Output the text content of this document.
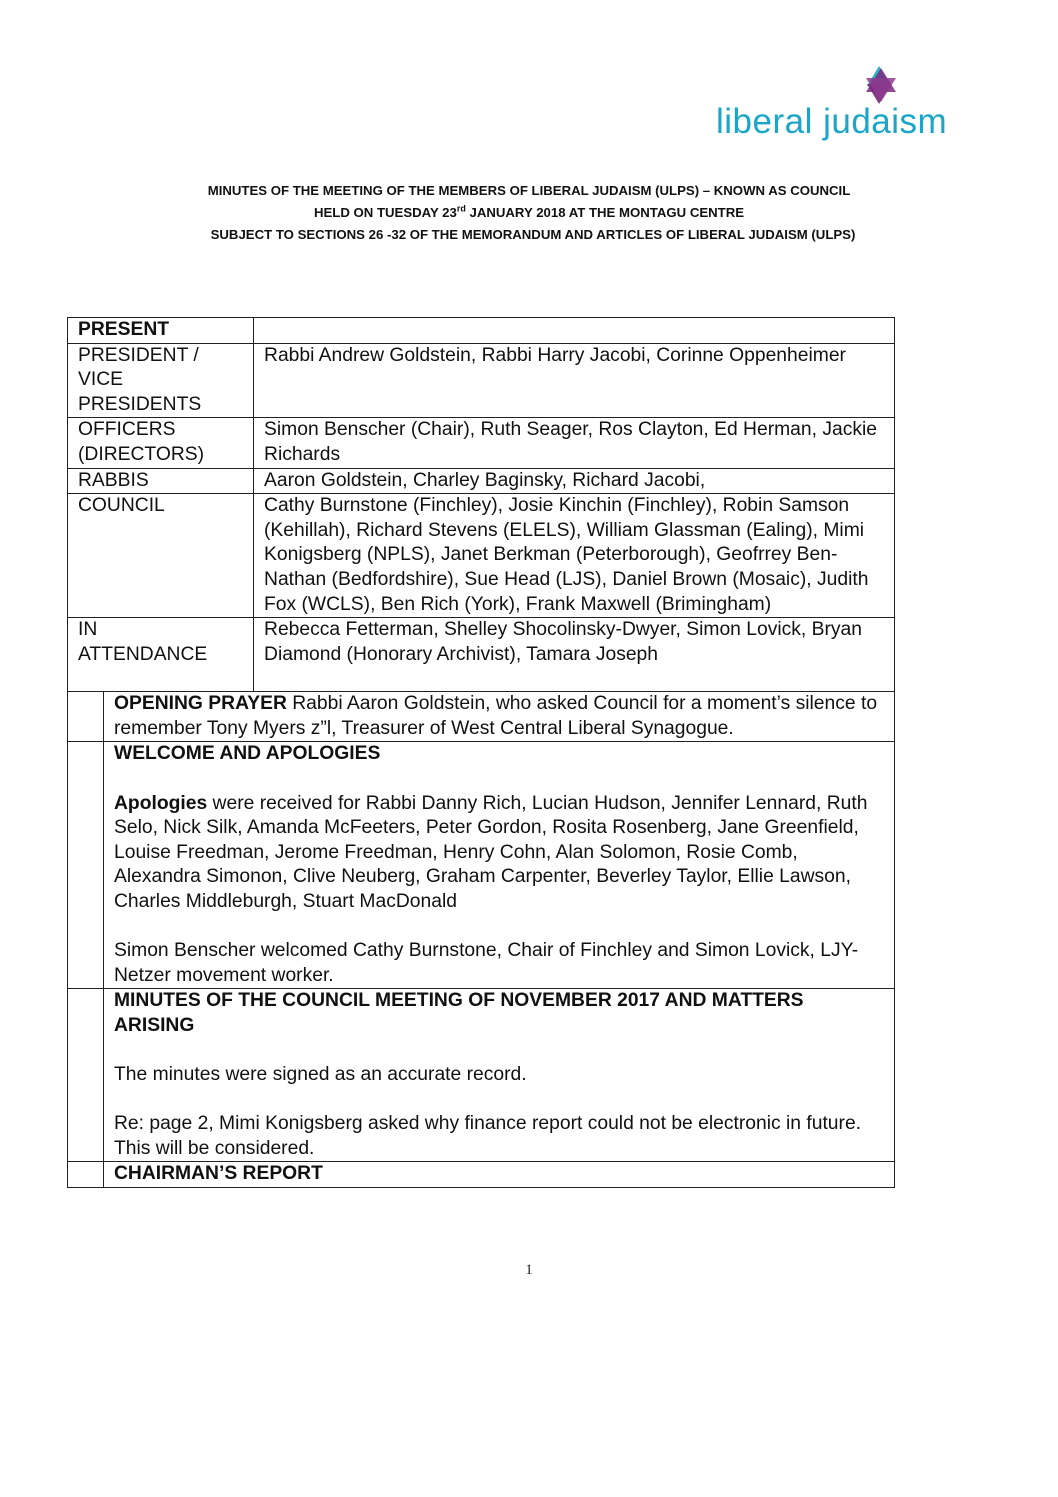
liberal judaism
MINUTES OF THE MEETING OF THE MEMBERS OF LIBERAL JUDAISM (ULPS) – KNOWN AS COUNCIL
HELD ON TUESDAY 23rd JANUARY 2018 AT THE MONTAGU CENTRE
SUBJECT TO SECTIONS 26 -32 OF THE MEMORANDUM AND ARTICLES OF LIBERAL JUDAISM (ULPS)
PRESENT		
PRESIDENT / VICE PRESIDENTS		Rabbi Andrew Goldstein, Rabbi Harry Jacobi, Corinne Oppenheimer
OFFICERS (DIRECTORS)		Simon Benscher (Chair), Ruth Seager, Ros Clayton, Ed Herman, Jackie Richards
RABBIS		Aaron Goldstein, Charley Baginsky, Richard Jacobi,
COUNCIL		Cathy Burnstone (Finchley), Josie Kinchin (Finchley), Robin Samson (Kehillah), Richard Stevens (ELELS), William Glassman (Ealing), Mimi Konigsberg (NPLS), Janet Berkman (Peterborough), Geofrrey Ben-Nathan (Bedfordshire), Sue Head (LJS), Daniel Brown (Mosaic), Judith Fox (WCLS), Ben Rich (York), Frank Maxwell (Brimingham)
IN ATTENDANCE		Rebecca Fetterman, Shelley Shocolinsky-Dwyer, Simon Lovick, Bryan Diamond (Honorary Archivist), Tamara Joseph
	OPENING PRAYER Rabbi Aaron Goldstein, who asked Council for a moment’s silence to remember Tony Myers z”l, Treasurer of West Central Liberal Synagogue.	

	WELCOME AND APOLOGIES
Apologies were received for Rabbi Danny Rich, Lucian Hudson, Jennifer Lennard, Ruth Selo, Nick Silk, Amanda McFeeters, Peter Gordon, Rosita Rosenberg, Jane Greenfield, Louise Freedman, Jerome Freedman, Henry Cohn, Alan Solomon, Rosie Comb, Alexandra Simonon, Clive Neuberg, Graham Carpenter, Beverley Taylor, Ellie Lawson, Charles Middleburgh, Stuart MacDonald
Simon Benscher welcomed Cathy Burnstone, Chair of Finchley and Simon Lovick, LJY-Netzer movement worker.	

	MINUTES OF THE COUNCIL MEETING OF NOVEMBER 2017 AND MATTERS ARISING
The minutes were signed as an accurate record.
Re: page 2, Mimi Konigsberg asked why finance report could not be electronic in future. This will be considered.	

	CHAIRMAN’S REPORT	
1
